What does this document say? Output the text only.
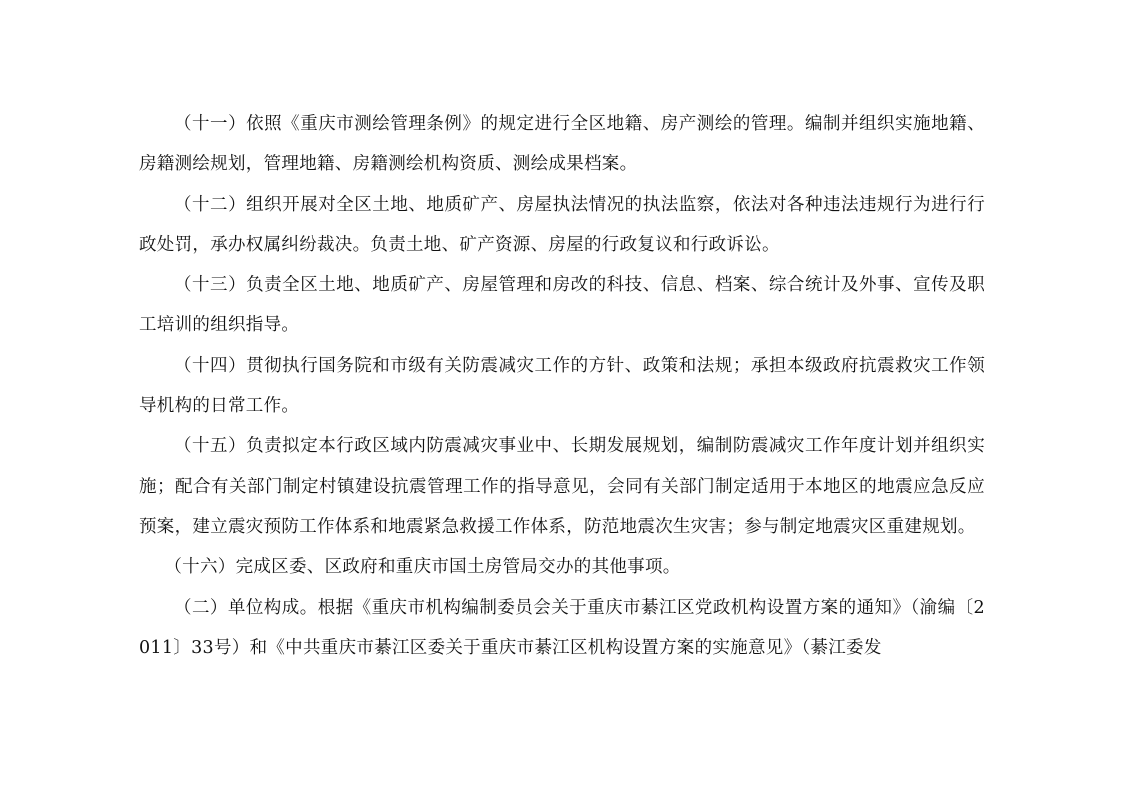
（十一）依照《重庆市测绘管理条例》的规定进行全区地籍、房产测绘的管理。编制并组织实施地籍、房籍测绘规划，管理地籍、房籍测绘机构资质、测绘成果档案。

（十二）组织开展对全区土地、地质矿产、房屋执法情况的执法监察，依法对各种违法违规行为进行行政处罚，承办权属纠纷裁决。负责土地、矿产资源、房屋的行政复议和行政诉讼。

（十三）负责全区土地、地质矿产、房屋管理和房改的科技、信息、档案、综合统计及外事、宣传及职工培训的组织指导。

（十四）贯彻执行国务院和市级有关防震减灾工作的方针、政策和法规；承担本级政府抗震救灾工作领导机构的日常工作。

（十五）负责拟定本行政区域内防震减灾事业中、长期发展规划，编制防震减灾工作年度计划并组织实施；配合有关部门制定村镇建设抗震管理工作的指导意见，会同有关部门制定适用于本地区的地震应急反应预案，建立震灾预防工作体系和地震紧急救援工作体系，防范地震次生灾害；参与制定地震灾区重建规划。

（十六）完成区委、区政府和重庆市国土房管局交办的其他事项。

（二）单位构成。根据《重庆市机构编制委员会关于重庆市綦江区党政机构设置方案的通知》（渝编〔2011〕33号）和《中共重庆市綦江区委关于重庆市綦江区机构设置方案的实施意见》（綦江委发
